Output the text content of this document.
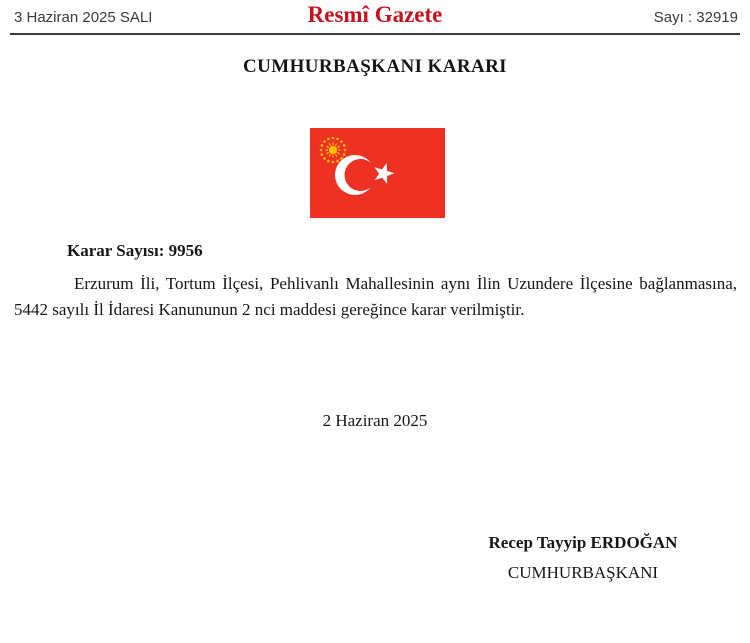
3 Haziran 2025 SALI	Resmî Gazete	Sayı : 32919
CUMHURBAŞKANI KARARI
Karar Sayısı: 9956

Erzurum İli, Tortum İlçesi, Pehlivanlı Mahallesinin aynı İlin Uzundere İlçesine bağlanmasına, 5442 sayılı İl İdaresi Kanununun 2 nci maddesi gereğince karar verilmiştir.

2 Haziran 2025
Recep Tayyip ERDOĞAN
CUMHURBAŞKANI
